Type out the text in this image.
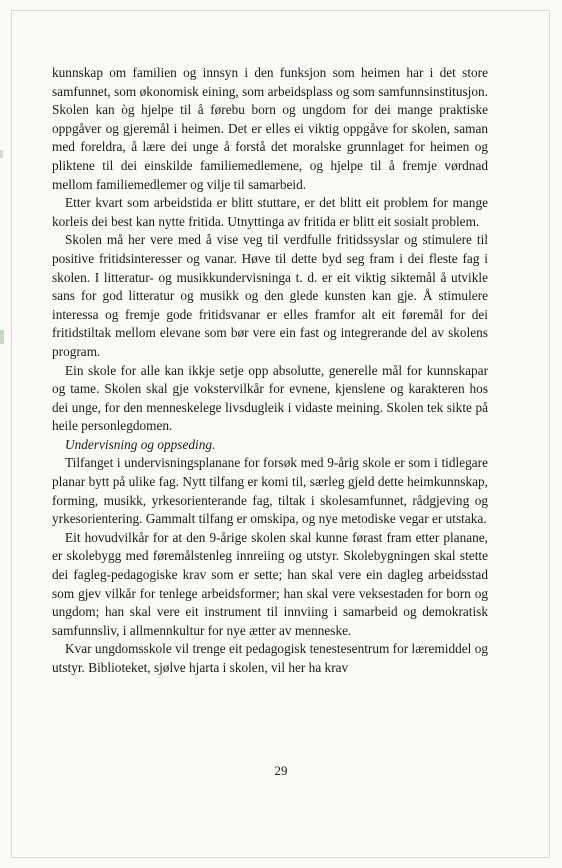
kunnskap om familien og innsyn i den funksjon som heimen har i det store samfunnet, som økonomisk eining, som arbeidsplass og som samfunnsinstitusjon. Skolen kan òg hjelpe til å førebu born og ungdom for dei mange praktiske oppgåver og gjeremål i heimen. Det er elles ei viktig oppgåve for skolen, saman med foreldra, å lære dei unge å forstå det moralske grunnlaget for heimen og pliktene til dei einskilde familiemedlemene, og hjelpe til å fremje vørdnad mellom familiemedlemer og vilje til samarbeid.

Etter kvart som arbeidstida er blitt stuttare, er det blitt eit problem for mange korleis dei best kan nytte fritida. Utnyttinga av fritida er blitt eit sosialt problem.

Skolen må her vere med å vise veg til verdfulle fritidssyslar og stimulere til positive fritidsinteresser og vanar. Høve til dette byd seg fram i dei fleste fag i skolen. I litteratur- og musikkundervisninga t. d. er eit viktig siktemål å utvikle sans for god litteratur og musikk og den glede kunsten kan gje. Å stimulere interessa og fremje gode fritidsvanar er elles framfor alt eit føremål for dei fritidstiltak mellom elevane som bør vere ein fast og integrerande del av skolens program.

Ein skole for alle kan ikkje setje opp absolutte, generelle mål for kunnskapar og tame. Skolen skal gje vokstervilkår for evnene, kjenslene og karakteren hos dei unge, for den menneskelege livsdugleik i vidaste meining. Skolen tek sikte på heile personlegdomen.

Undervisning og oppseding.

Tilfanget i undervisningsplanane for forsøk med 9-årig skole er som i tidlegare planar bytt på ulike fag. Nytt tilfang er komi til, særleg gjeld dette heimkunnskap, forming, musikk, yrkesorienterande fag, tiltak i skolesamfunnet, rådgjeving og yrkesorientering. Gammalt tilfang er omskipa, og nye metodiske vegar er utstaka.

Eit hovudvilkår for at den 9-årige skolen skal kunne førast fram etter planane, er skolebygg med føremålstenleg innreiing og utstyr. Skolebygningen skal stette dei fagleg-pedagogiske krav som er sette; han skal vere ein dagleg arbeidsstad som gjev vilkår for tenlege arbeidsformer; han skal vere veksestaden for born og ungdom; han skal vere eit instrument til innviing i samarbeid og demokratisk samfunnsliv, i allmennkultur for nye ætter av menneske.

Kvar ungdomsskole vil trenge eit pedagogisk tenestesentrum for læremiddel og utstyr. Biblioteket, sjølve hjarta i skolen, vil her ha krav

29
